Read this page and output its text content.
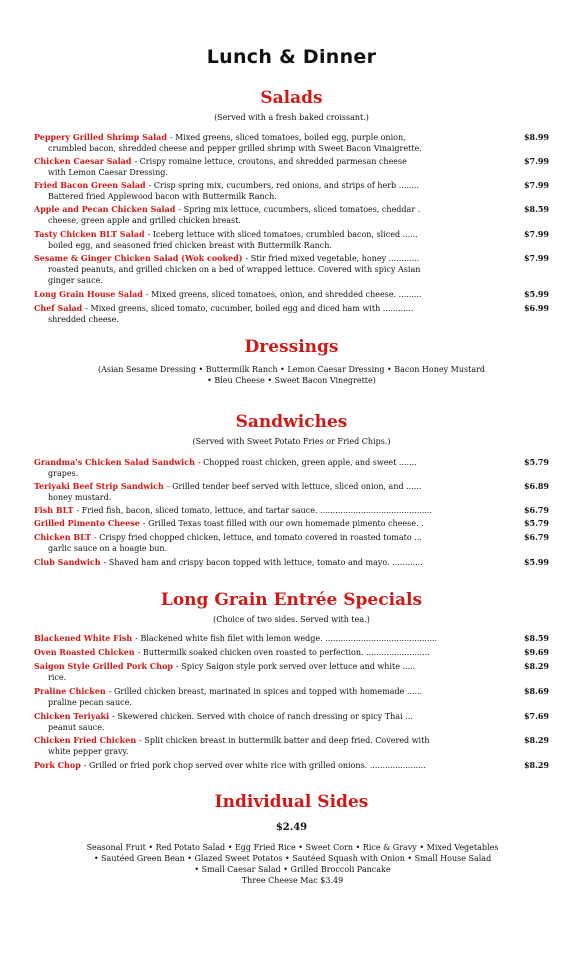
Lunch & Dinner
Salads
(Served with a fresh baked croissant.)
Peppery Grilled Shrimp Salad - Mixed greens, sliced tomatoes, boiled egg, purple onion,	$8.99
crumbled bacon, shredded cheese and pepper grilled shrimp with Sweet Bacon Vinaigrette.
Chicken Caesar Salad - Crispy romaine lettuce, croutons, and shredded parmesan cheese	$7.99
with Lemon Caesar Dressing.
Fried Bacon Green Salad - Crisp spring mix, cucumbers, red onions, and strips of herb ........	$7.99
Battered fried Applewood bacon with Buttermilk Ranch.
Apple and Pecan Chicken Salad - Spring mix lettuce, cucumbers, sliced tomatoes, cheddar .	$8.59
cheese, green apple and grilled chicken breast.
Tasty Chicken BLT Salad - Iceberg lettuce with sliced tomatoes, crumbled bacon, sliced ......	$7.99
boiled egg, and seasoned fried chicken breast with Buttermilk Ranch.
Sesame & Ginger Chicken Salad (Wok cooked) - Stir fried mixed vegetable, honey ............	$7.99
roasted peanuts, and grilled chicken on a bed of wrapped lettuce. Covered with spicy Asian
ginger sauce.
Long Grain House Salad - Mixed greens, sliced tomatoes, onion, and shredded cheese. .........	$5.99
Chef Salad - Mixed greens, sliced tomato, cucumber, boiled egg and diced ham with ............	$6.99
shredded cheese.
Dressings
(Asian Sesame Dressing • Buttermilk Ranch • Lemon Caesar Dressing • Bacon Honey Mustard
• Bleu Cheese • Sweet Bacon Vinegrette)
Sandwiches
(Served with Sweet Potato Fries or Fried Chips.)
Grandma's Chicken Salad Sandwich - Chopped roast chicken, green apple, and sweet .......	$5.79
grapes.
Teriyaki Beef Strip Sandwich - Grilled tender beef served with lettuce, sliced onion, and ......	$6.89
honey mustard.
Fish BLT - Fried fish, bacon, sliced tomato, lettuce, and tartar sauce. ............................................	$6.79
Grilled Pimento Cheese - Grilled Texas toast filled with our own homemade pimento cheese. .	$5.79
Chicken BLT - Crispy fried chopped chicken, lettuce, and tomato covered in roasted tomato ...	$6.79
garlic sauce on a hoagie bun.
Club Sandwich - Shaved ham and crispy bacon topped with lettuce, tomato and mayo. ............	$5.99
Long Grain Entrée Specials
(Choice of two sides. Served with tea.)
Blackened White Fish - Blackened white fish filet with lemon wedge. ............................................	$8.59
Oven Roasted Chicken - Buttermilk soaked chicken oven roasted to perfection. .........................	$9.69
Saigon Style Grilled Pork Chop - Spicy Saigon style pork served over lettuce and white .....	$8.29
rice.
Praline Chicken - Grilled chicken breast, marinated in spices and topped with homemade ......	$8.69
praline pecan sauce.
Chicken Teriyaki - Skewered chicken. Served with choice of ranch dressing or spicy Thai ...	$7.69
peanut sauce.
Chicken Fried Chicken - Split chicken breast in buttermilk batter and deep fried. Covered with	$8.29
white pepper gravy.
Pork Chop - Grilled or fried pork chop served over white rice with grilled onions. ......................	$8.29
Individual Sides
$2.49
Seasonal Fruit • Red Potato Salad • Egg Fried Rice • Sweet Corn • Rice & Gravy • Mixed Vegetables
• Sautéed Green Bean • Glazed Sweet Potatos • Sautéed Squash with Onion • Small House Salad
• Small Caesar Salad • Grilled Broccoli Pancake
Three Cheese Mac $3.49
